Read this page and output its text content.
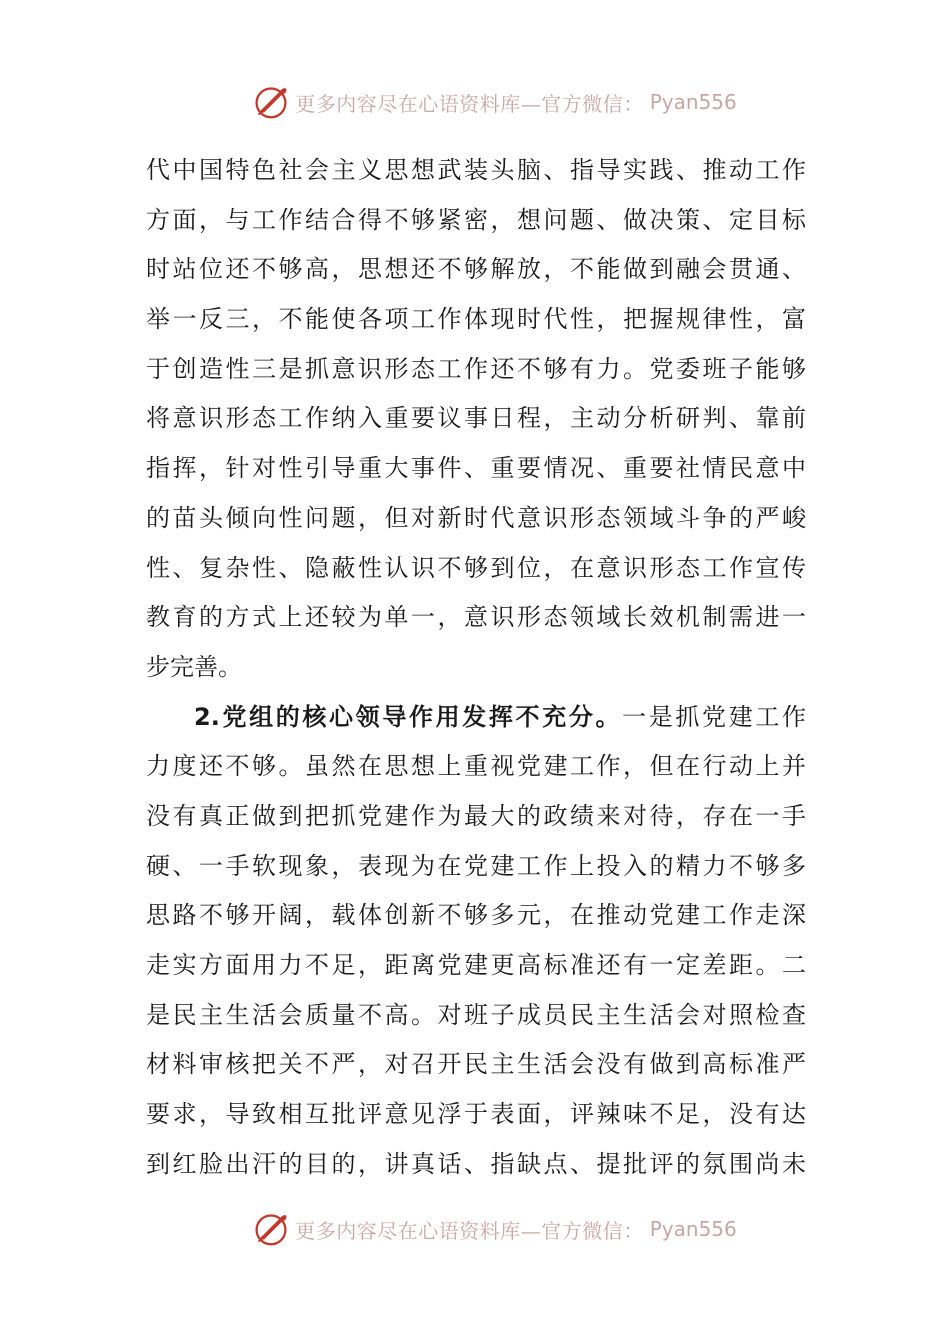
更多内容尽在心语资料库—官方微信： Pyan556
代中国特色社会主义思想武装头脑、指导实践、推动工作
方面，与工作结合得不够紧密，想问题、做决策、定目标
时站位还不够高，思想还不够解放，不能做到融会贯通、
举一反三，不能使各项工作体现时代性，把握规律性，富
于创造性三是抓意识形态工作还不够有力。党委班子能够
将意识形态工作纳入重要议事日程，主动分析研判、靠前
指挥，针对性引导重大事件、重要情况、重要社情民意中
的苗头倾向性问题，但对新时代意识形态领域斗争的严峻
性、复杂性、隐蔽性认识不够到位，在意识形态工作宣传
教育的方式上还较为单一，意识形态领域长效机制需进一
步完善。
2.党组的核心领导作用发挥不充分。一是抓党建工作
力度还不够。虽然在思想上重视党建工作，但在行动上并
没有真正做到把抓党建作为最大的政绩来对待，存在一手
硬、一手软现象，表现为在党建工作上投入的精力不够多
思路不够开阔，载体创新不够多元，在推动党建工作走深
走实方面用力不足，距离党建更高标准还有一定差距。二
是民主生活会质量不高。对班子成员民主生活会对照检查
材料审核把关不严，对召开民主生活会没有做到高标准严
要求，导致相互批评意见浮于表面，评辣味不足，没有达
到红脸出汗的目的，讲真话、指缺点、提批评的氛围尚未
更多内容尽在心语资料库—官方微信： Pyan556
